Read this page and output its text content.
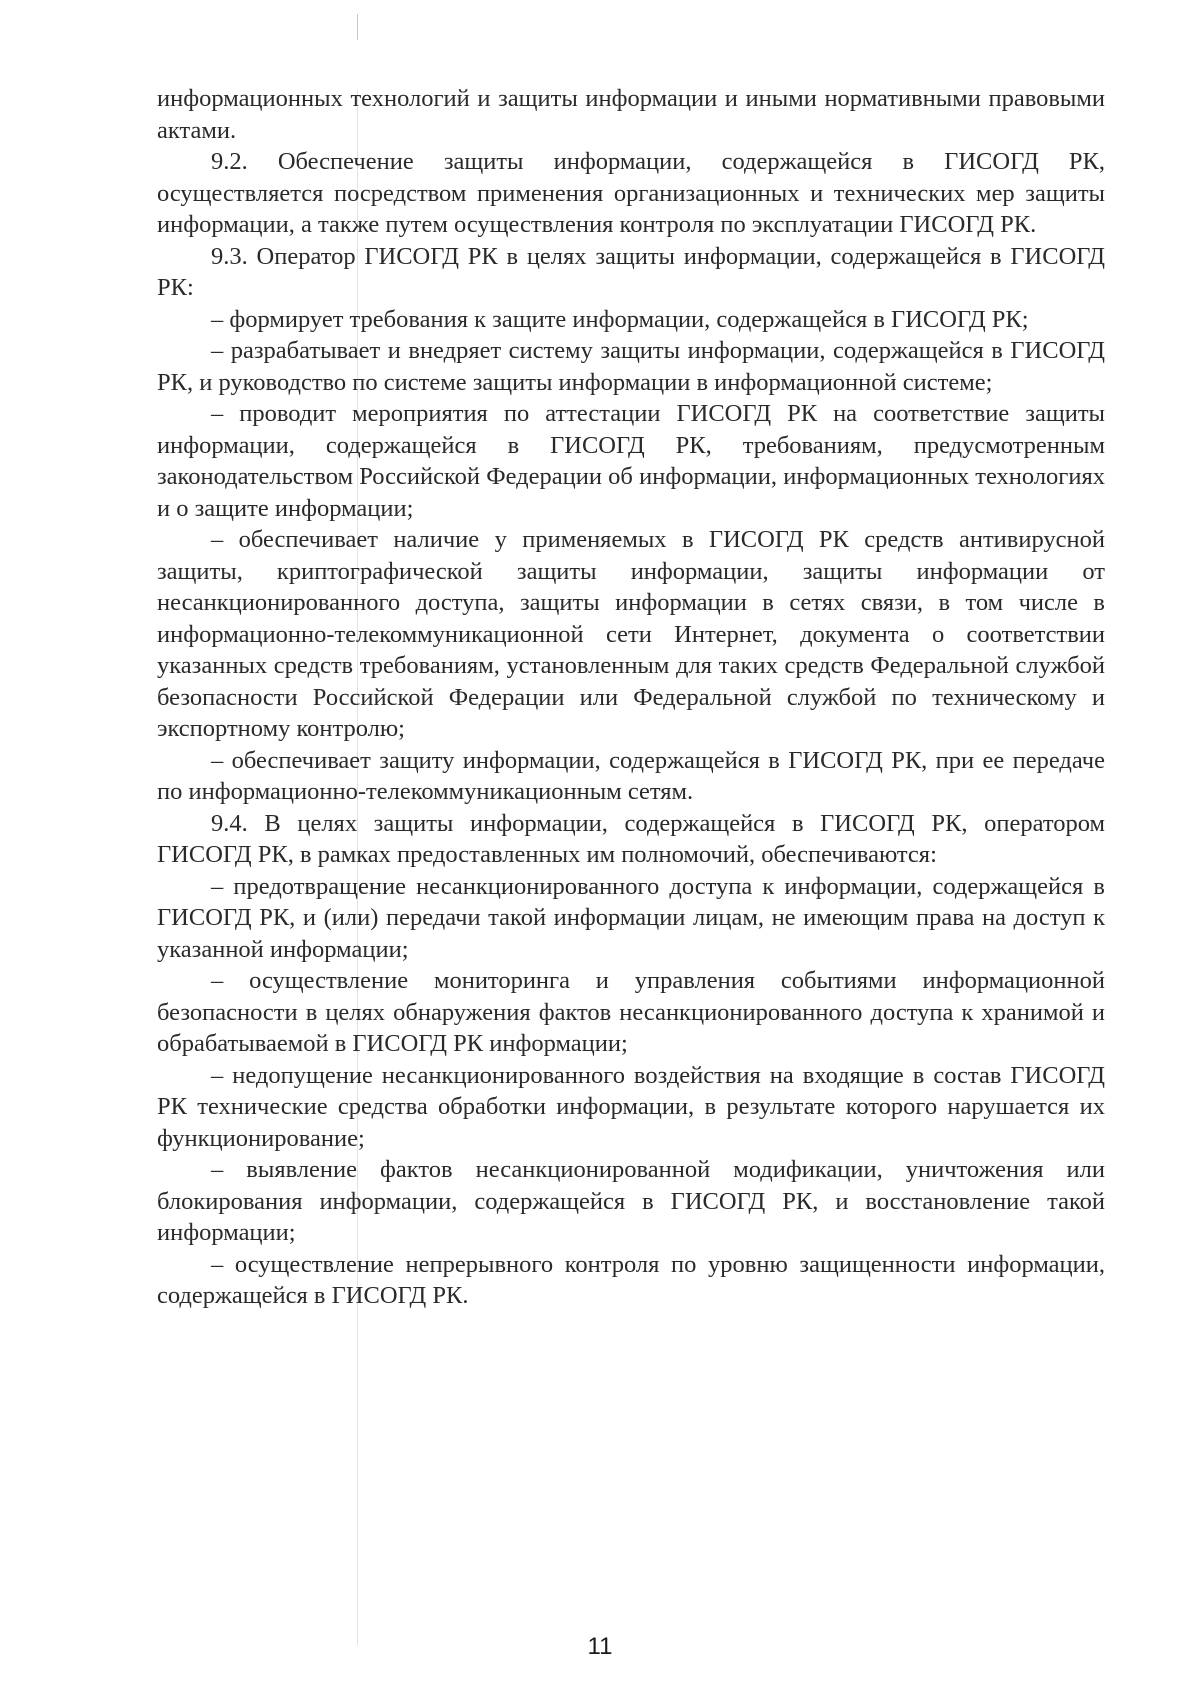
информационных технологий и защиты информации и иными нормативными правовыми актами.

9.2. Обеспечение защиты информации, содержащейся в ГИСОГД РК, осуществляется посредством применения организационных и технических мер защиты информации, а также путем осуществления контроля по эксплуатации ГИСОГД РК.

9.3. Оператор ГИСОГД РК в целях защиты информации, содержащейся в ГИСОГД РК:

– формирует требования к защите информации, содержащейся в ГИСОГД РК;

– разрабатывает и внедряет систему защиты информации, содержащейся в ГИСОГД РК, и руководство по системе защиты информации в информационной системе;

– проводит мероприятия по аттестации ГИСОГД РК на соответствие защиты информации, содержащейся в ГИСОГД РК, требованиям, предусмотренным законодательством Российской Федерации об информации, информационных технологиях и о защите информации;

– обеспечивает наличие у применяемых в ГИСОГД РК средств антивирусной защиты, криптографической защиты информации, защиты информации от несанкционированного доступа, защиты информации в сетях связи, в том числе в информационно-телекоммуникационной сети Интернет, документа о соответствии указанных средств требованиям, установленным для таких средств Федеральной службой безопасности Российской Федерации или Федеральной службой по техническому и экспортному контролю;

– обеспечивает защиту информации, содержащейся в ГИСОГД РК, при ее передаче по информационно-телекоммуникационным сетям.

9.4. В целях защиты информации, содержащейся в ГИСОГД РК, оператором ГИСОГД РК, в рамках предоставленных им полномочий, обеспечиваются:

– предотвращение несанкционированного доступа к информации, содержащейся в ГИСОГД РК, и (или) передачи такой информации лицам, не имеющим права на доступ к указанной информации;

– осуществление мониторинга и управления событиями информационной безопасности в целях обнаружения фактов несанкционированного доступа к хранимой и обрабатываемой в ГИСОГД РК информации;

– недопущение несанкционированного воздействия на входящие в состав ГИСОГД РК технические средства обработки информации, в результате которого нарушается их функционирование;

– выявление фактов несанкционированной модификации, уничтожения или блокирования информации, содержащейся в ГИСОГД РК, и восстановление такой информации;

– осуществление непрерывного контроля по уровню защищенности информации, содержащейся в ГИСОГД РК.

11
